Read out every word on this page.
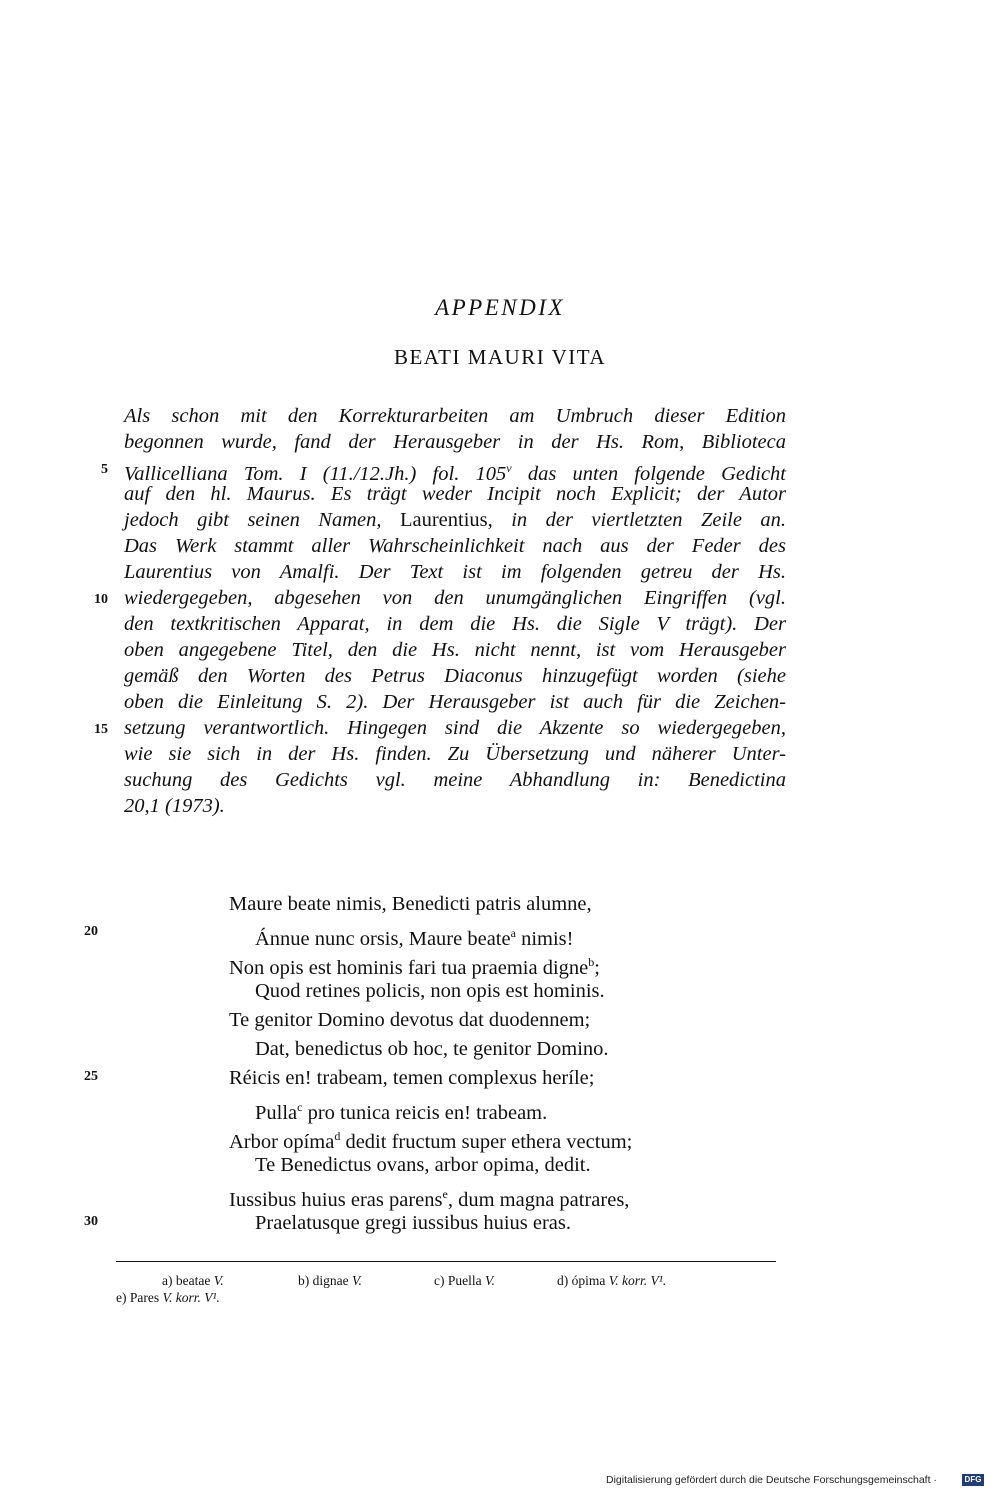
APPENDIX
BEATI MAURI VITA
Als schon mit den Korrekturarbeiten am Umbruch dieser Edition
begonnen wurde, fand der Herausgeber in der Hs. Rom, Biblioteca
Vallicelliana Tom. I (11./12.Jh.) fol. 105$^v$ das unten folgende Gedicht
auf den hl. Maurus. Es trägt weder Incipit noch Explicit; der Autor
jedoch gibt seinen Namen, Laurentius, in der viertletzten Zeile an.
Das Werk stammt aller Wahrscheinlichkeit nach aus der Feder des
Laurentius von Amalfi. Der Text ist im folgenden getreu der Hs.
wiedergegeben, abgesehen von den unumgänglichen Eingriffen (vgl.
den textkritischen Apparat, in dem die Hs. die Sigle V trägt). Der
oben angegebene Titel, den die Hs. nicht nennt, ist vom Herausgeber
gemäß den Worten des Petrus Diaconus hinzugefügt worden (siehe
oben die Einleitung S. 2). Der Herausgeber ist auch für die Zeichen-
setzung verantwortlich. Hingegen sind die Akzente so wiedergegeben,
wie sie sich in der Hs. finden. Zu Übersetzung und näherer Unter-
suchung des Gedichts vgl. meine Abhandlung in: Benedictina
20,1 (1973).
5
10
15
Maure beate nimis, Benedicti patris alumne,
Ánnue nunc orsis, Maure beate$^a$ nimis!
Non opis est hominis fari tua praemia digne$^b$;
Quod retines policis, non opis est hominis.
Te genitor Domino devotus dat duodennem;
Dat, benedictus ob hoc, te genitor Domino.
Réicis en! trabeam, temen complexus heríle;
Pulla$^c$ pro tunica reicis en! trabeam.
Arbor opíma$^d$ dedit fructum super ethera vectum;
Te Benedictus ovans, arbor opima, dedit.
Iussibus huius eras parens$^e$, dum magna patrares,
Praelatusque gregi iussibus huius eras.
20
25
30
a) beatae V.	b) dignae V.	c) Puella V.	d) ópima V. korr. V¹.
e) Pares V. korr. V¹.
Digitalisierung gefördert durch die Deutsche Forschungsgemeinschaft ·	DFG
